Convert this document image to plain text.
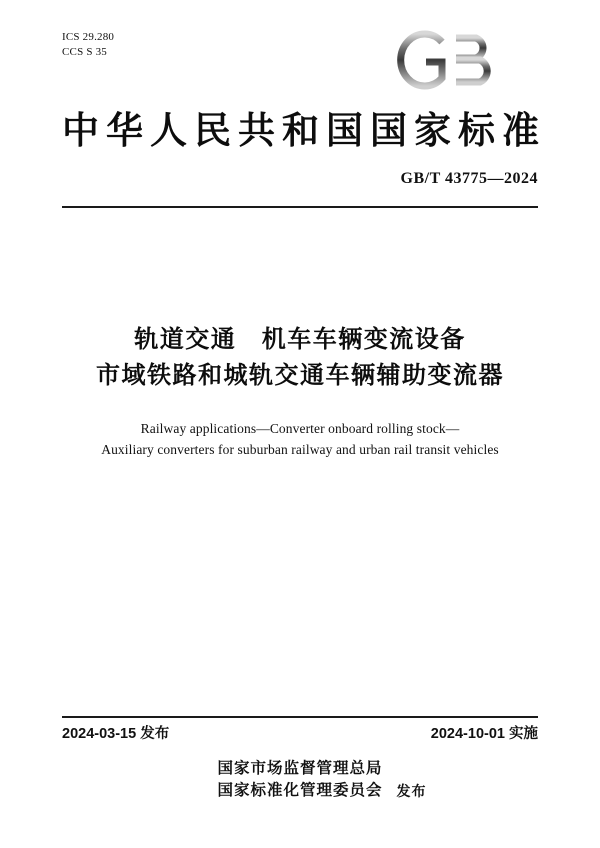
ICS 29.280
CCS S 35
中华人民共和国国家标准
GB/T 43775—2024
轨道交通　机车车辆变流设备
市域铁路和城轨交通车辆辅助变流器
Railway applications—Converter onboard rolling stock—
Auxiliary converters for suburban railway and urban rail transit vehicles
2024-03-15 发布	2024-10-01 实施
国家市场监督管理总局
国家标准化管理委员会 发布
